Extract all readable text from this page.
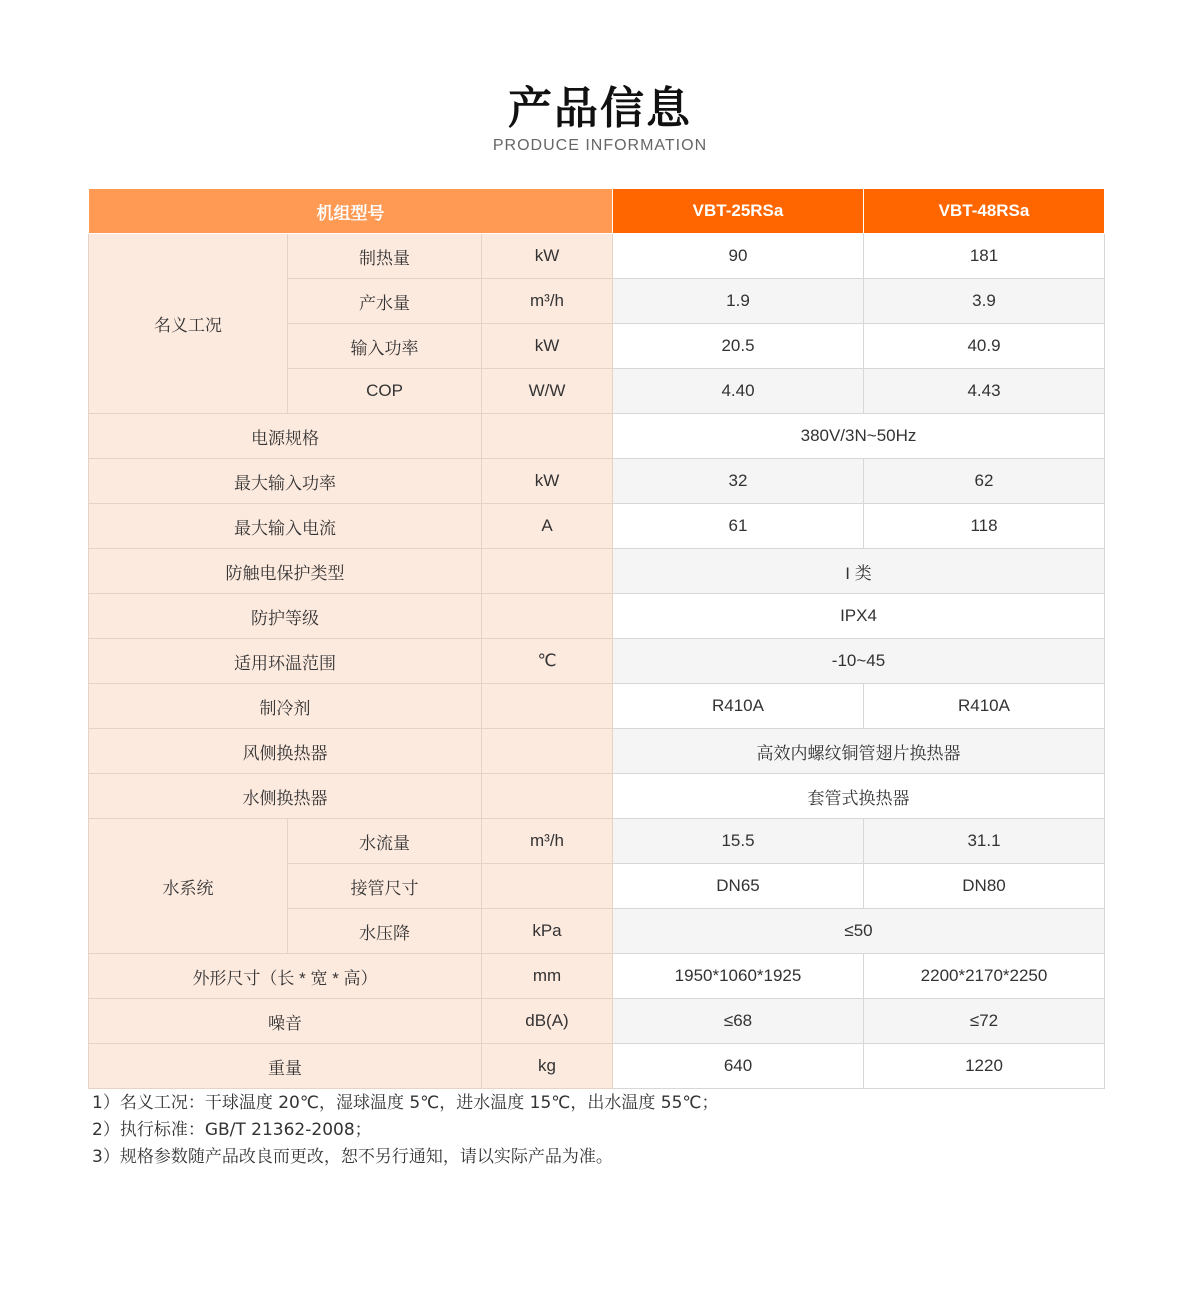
产品信息
PRODUCE INFORMATION
机组型号			VBT-25RSa	VBT-48RSa
名义工况	制热量	kW	90	181
	产水量	m³/h	1.9	3.9
	输入功率	kW	20.5	40.9
	COP	W/W	4.40	4.43
电源规格			380V/3N~50Hz	
最大输入功率		kW	32	62
最大输入电流		A	61	118
防触电保护类型			I 类	
防护等级			IPX4	
适用环温范围		℃	-10~45	
制冷剂			R410A	R410A
风侧换热器			高效内螺纹铜管翅片换热器	
水侧换热器			套管式换热器	
水系统	水流量	m³/h	15.5	31.1
	接管尺寸		DN65	DN80
	水压降	kPa	≤50	
外形尺寸（长 * 宽 * 高）		mm	1950*1060*1925	2200*2170*2250
噪音		dB(A)	≤68	≤72
重量		kg	640	1220
1）名义工况：干球温度 20℃，湿球温度 5℃，进水温度 15℃，出水温度 55℃；
2）执行标准：GB/T 21362-2008；
3）规格参数随产品改良而更改，恕不另行通知，请以实际产品为准。
